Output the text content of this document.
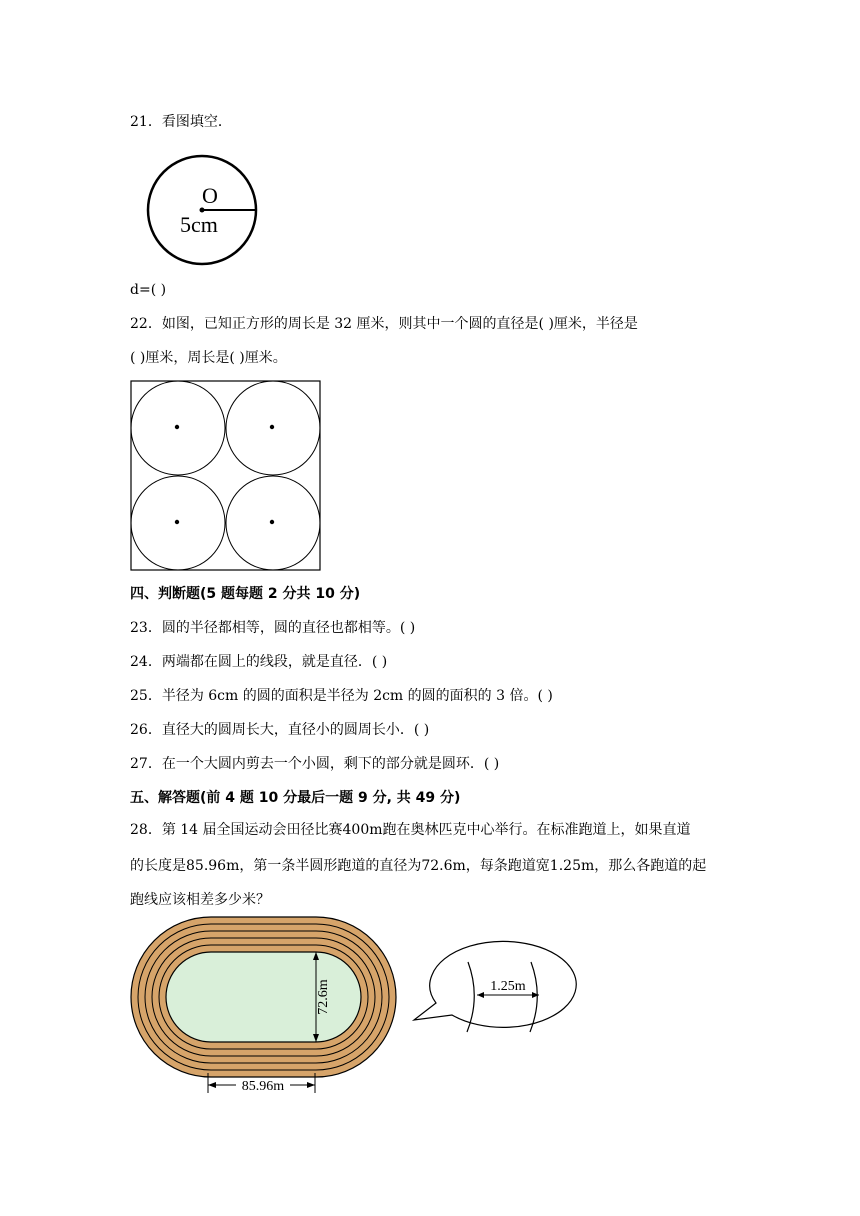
21．看图填空．
O
5cm
d=( )
22．如图，已知正方形的周长是 32 厘米，则其中一个圆的直径是( )厘米，半径是
( )厘米，周长是( )厘米。
四、判断题(5 题每题 2 分共 10 分)
23．圆的半径都相等，圆的直径也都相等。( )
24．两端都在圆上的线段，就是直径．( )
25．半径为 6cm 的圆的面积是半径为 2cm 的圆的面积的 3 倍。( )
26．直径大的圆周长大，直径小的圆周长小．( )
27．在一个大圆内剪去一个小圆，剩下的部分就是圆环．( )
五、解答题(前 4 题 10 分最后一题 9 分, 共 49 分)
28．第 14 届全国运动会田径比赛400m跑在奥林匹克中心举行。在标准跑道上，如果直道
的长度是85.96m，第一条半圆形跑道的直径为72.6m，每条跑道宽1.25m，那么各跑道的起
跑线应该相差多少米？
72.6m
85.96m
1.25m
